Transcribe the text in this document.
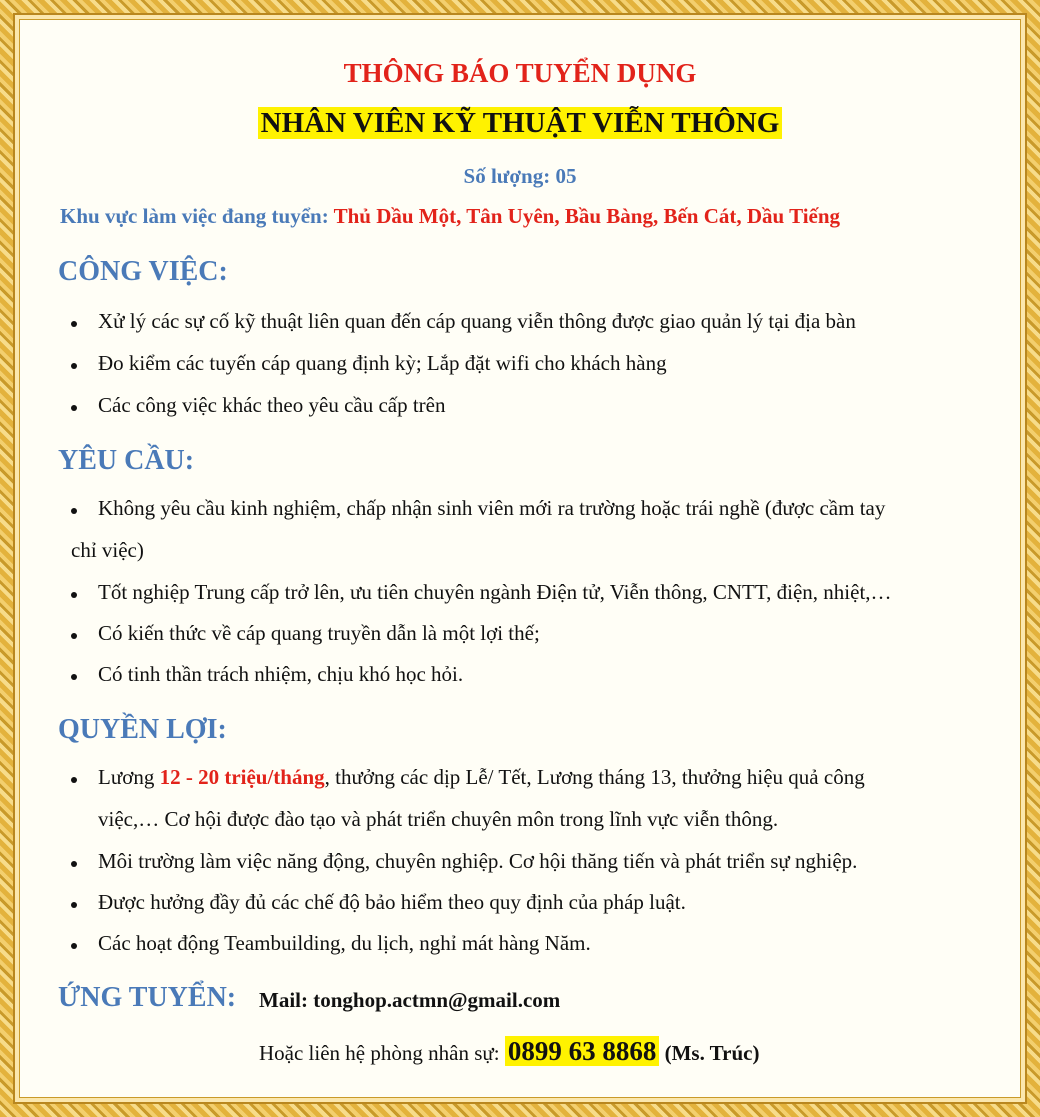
THÔNG BÁO TUYỂN DỤNG
NHÂN VIÊN KỸ THUẬT VIỄN THÔNG
Số lượng: 05
Khu vực làm việc đang tuyển: Thủ Dầu Một, Tân Uyên, Bầu Bàng, Bến Cát, Dầu Tiếng
CÔNG VIỆC:
Xử lý các sự cố kỹ thuật liên quan đến cáp quang viễn thông được giao quản lý tại địa bàn
Đo kiểm các tuyến cáp quang định kỳ; Lắp đặt wifi cho khách hàng
Các công việc khác theo yêu cầu cấp trên
YÊU CẦU:
Không yêu cầu kinh nghiệm, chấp nhận sinh viên mới ra trường hoặc trái nghề (được cầm tay
chỉ việc)
Tốt nghiệp Trung cấp trở lên, ưu tiên chuyên ngành Điện tử, Viễn thông, CNTT, điện, nhiệt,…
Có kiến thức về cáp quang truyền dẫn là một lợi thế;
Có tinh thần trách nhiệm, chịu khó học hỏi.
QUYỀN LỢI:
Lương 12 - 20 triệu/tháng, thưởng các dịp Lễ/ Tết, Lương tháng 13, thưởng hiệu quả công
việc,… Cơ hội được đào tạo và phát triển chuyên môn trong lĩnh vực viễn thông.
Môi trường làm việc năng động, chuyên nghiệp. Cơ hội thăng tiến và phát triển sự nghiệp.
Được hưởng đầy đủ các chế độ bảo hiểm theo quy định của pháp luật.
Các hoạt động Teambuilding, du lịch, nghỉ mát hàng Năm.
ỨNG TUYỂN: Mail: tonghop.actmn@gmail.com
Hoặc liên hệ phòng nhân sự: 0899 63 8868 (Ms. Trúc)
